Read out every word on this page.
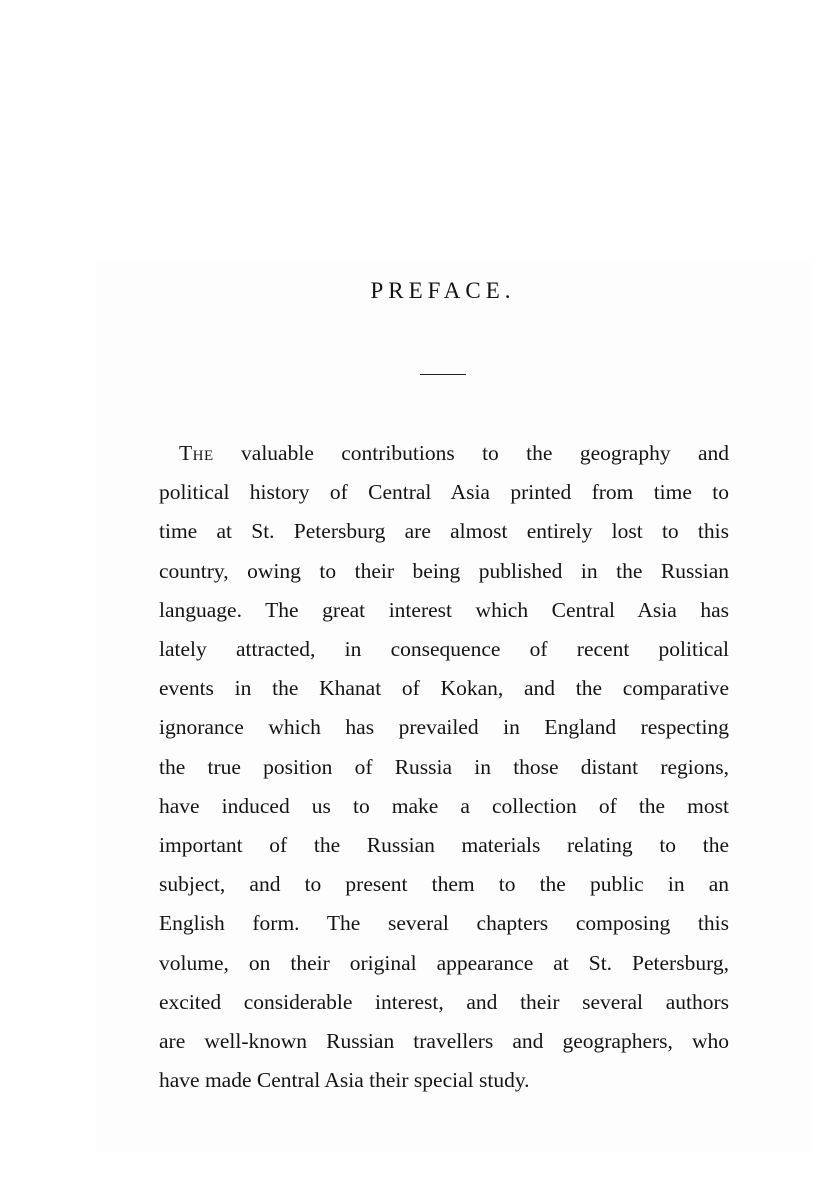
PREFACE.
The valuable contributions to the geography and
political history of Central Asia printed from time to
time at St. Petersburg are almost entirely lost to this
country, owing to their being published in the Russian
language. The great interest which Central Asia has
lately attracted, in consequence of recent political
events in the Khanat of Kokan, and the comparative
ignorance which has prevailed in England respecting
the true position of Russia in those distant regions,
have induced us to make a collection of the most
important of the Russian materials relating to the
subject, and to present them to the public in an
English form. The several chapters composing this
volume, on their original appearance at St. Petersburg,
excited considerable interest, and their several authors
are well-known Russian travellers and geographers, who
have made Central Asia their special study.
